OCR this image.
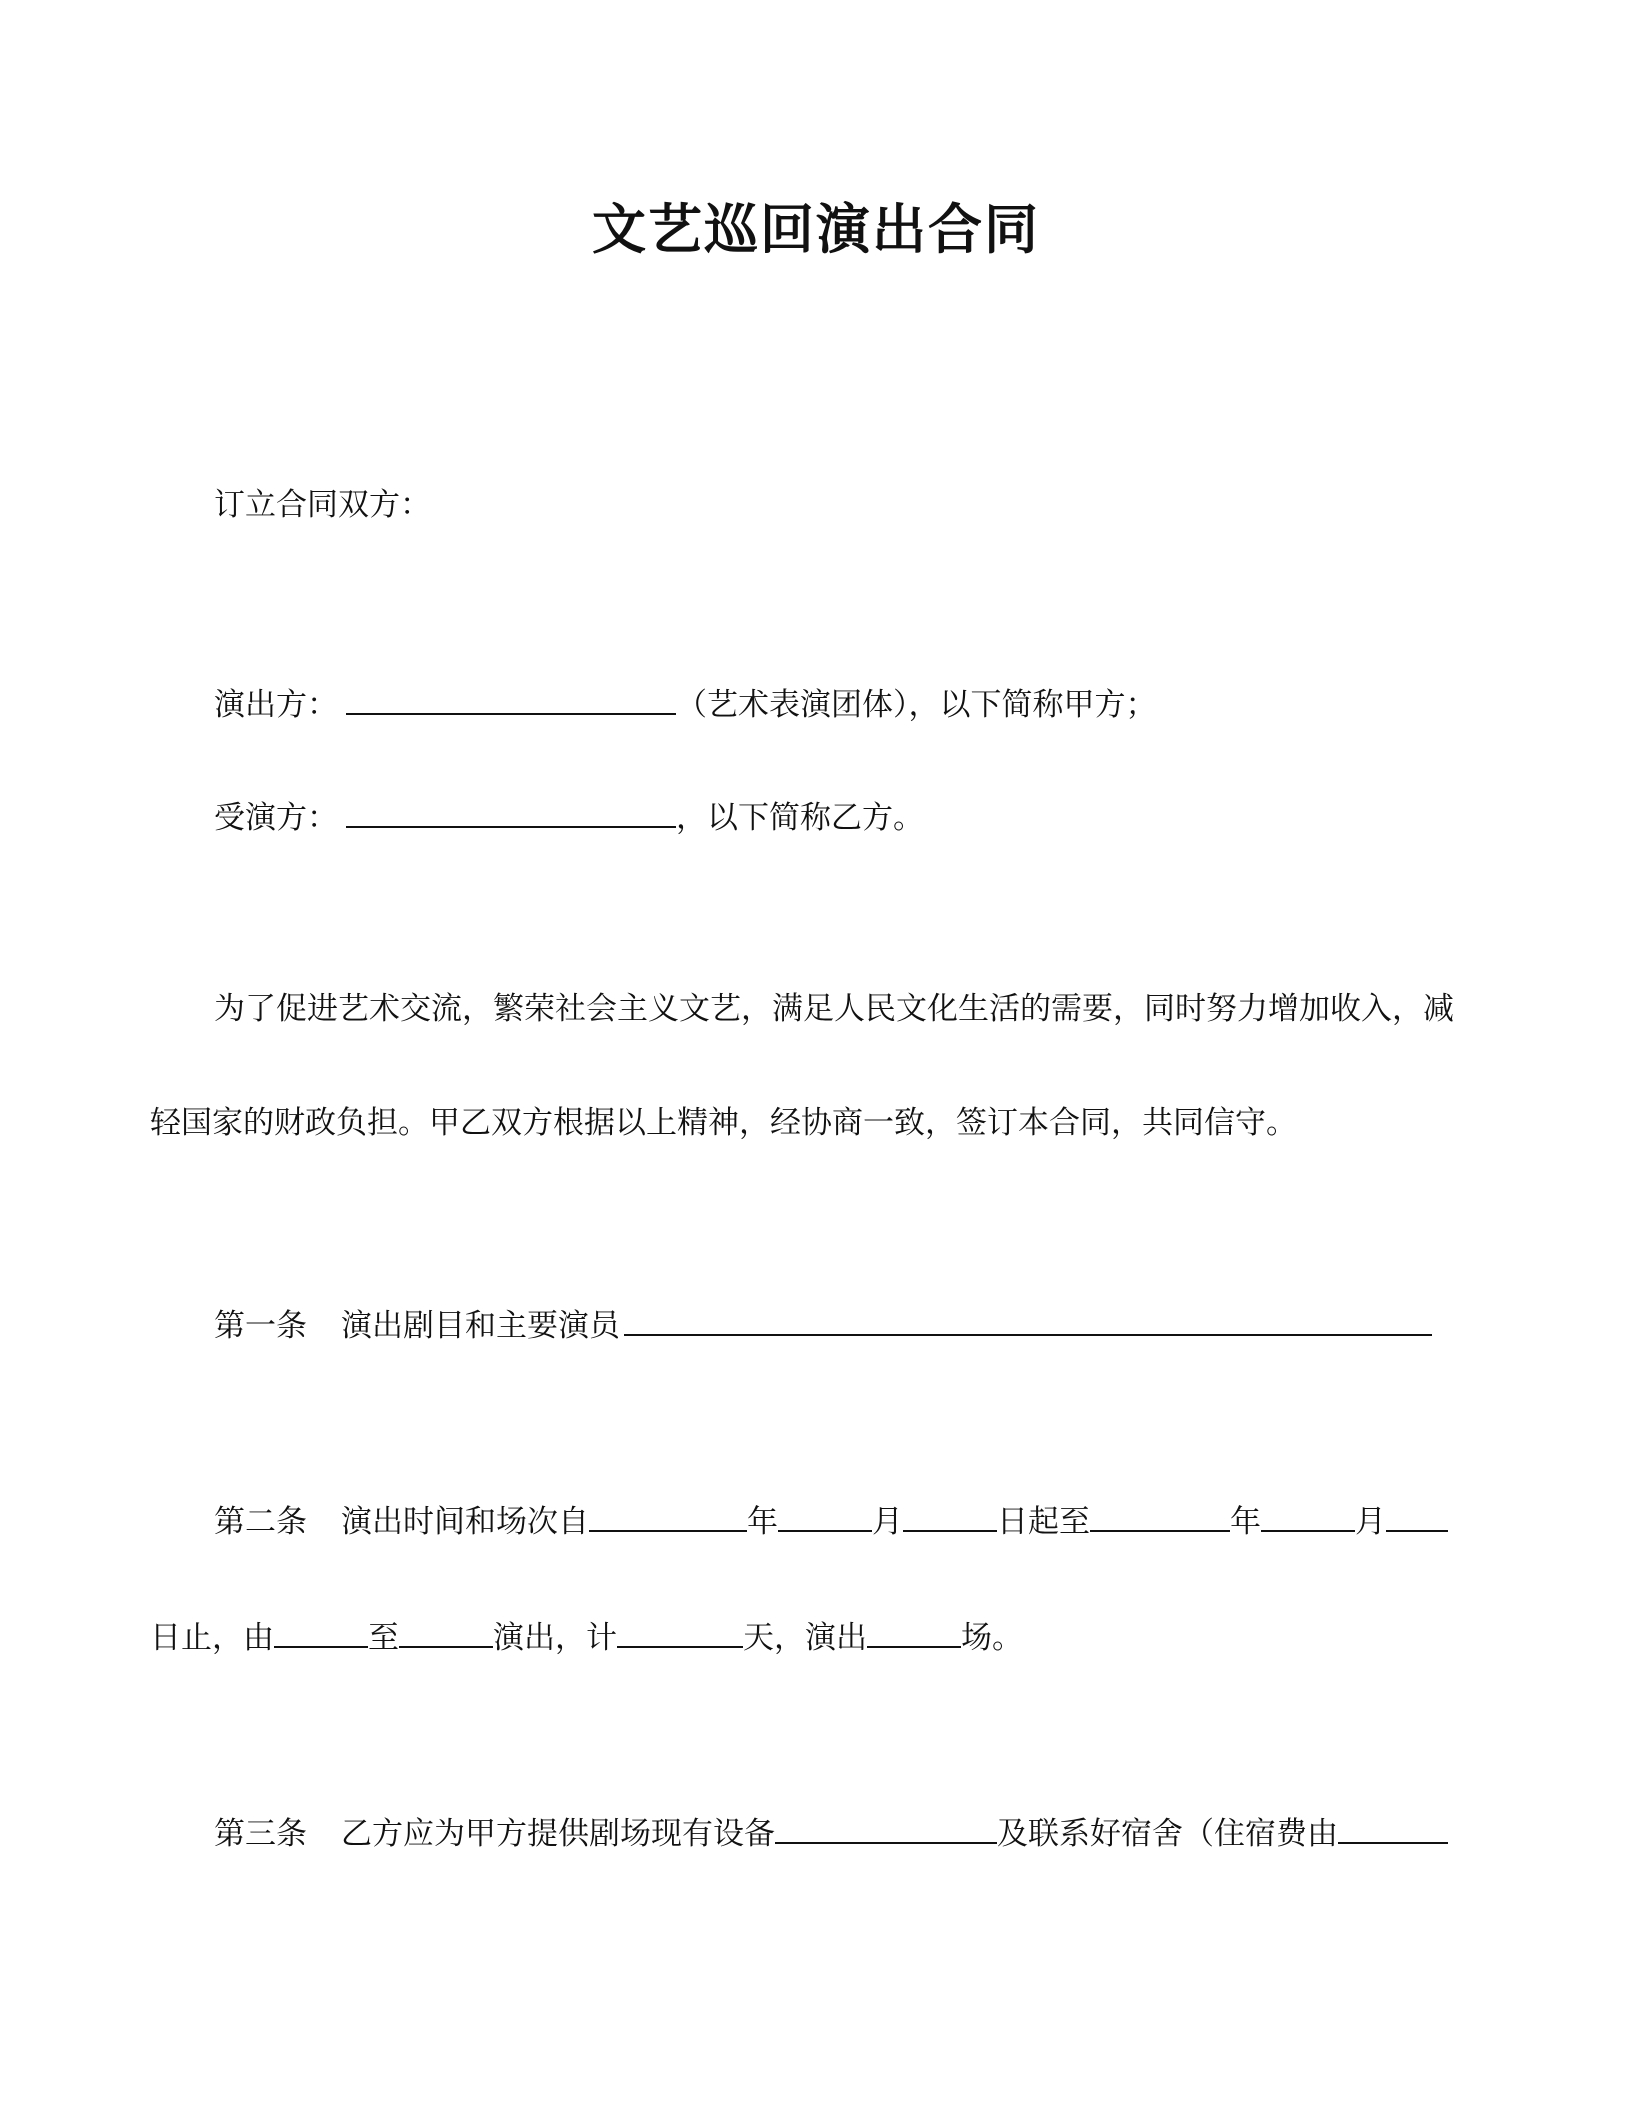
文艺巡回演出合同
订立合同双方：
演出方：	（艺术表演团体），以下简称甲方；
受演方：	，以下简称乙方。
为了促进艺术交流，繁荣社会主义文艺，满足人民文化生活的需要，同时努力增加收入，减
轻国家的财政负担。甲乙双方根据以上精神，经协商一致，签订本合同，共同信守。
第一条 演出剧目和主要演员
第二条 演出时间和场次自	年	月	日起至	年	月
日止，由	至	演出，计	天，演出	场。
第三条 乙方应为甲方提供剧场现有设备	及联系好宿舍（住宿费由
